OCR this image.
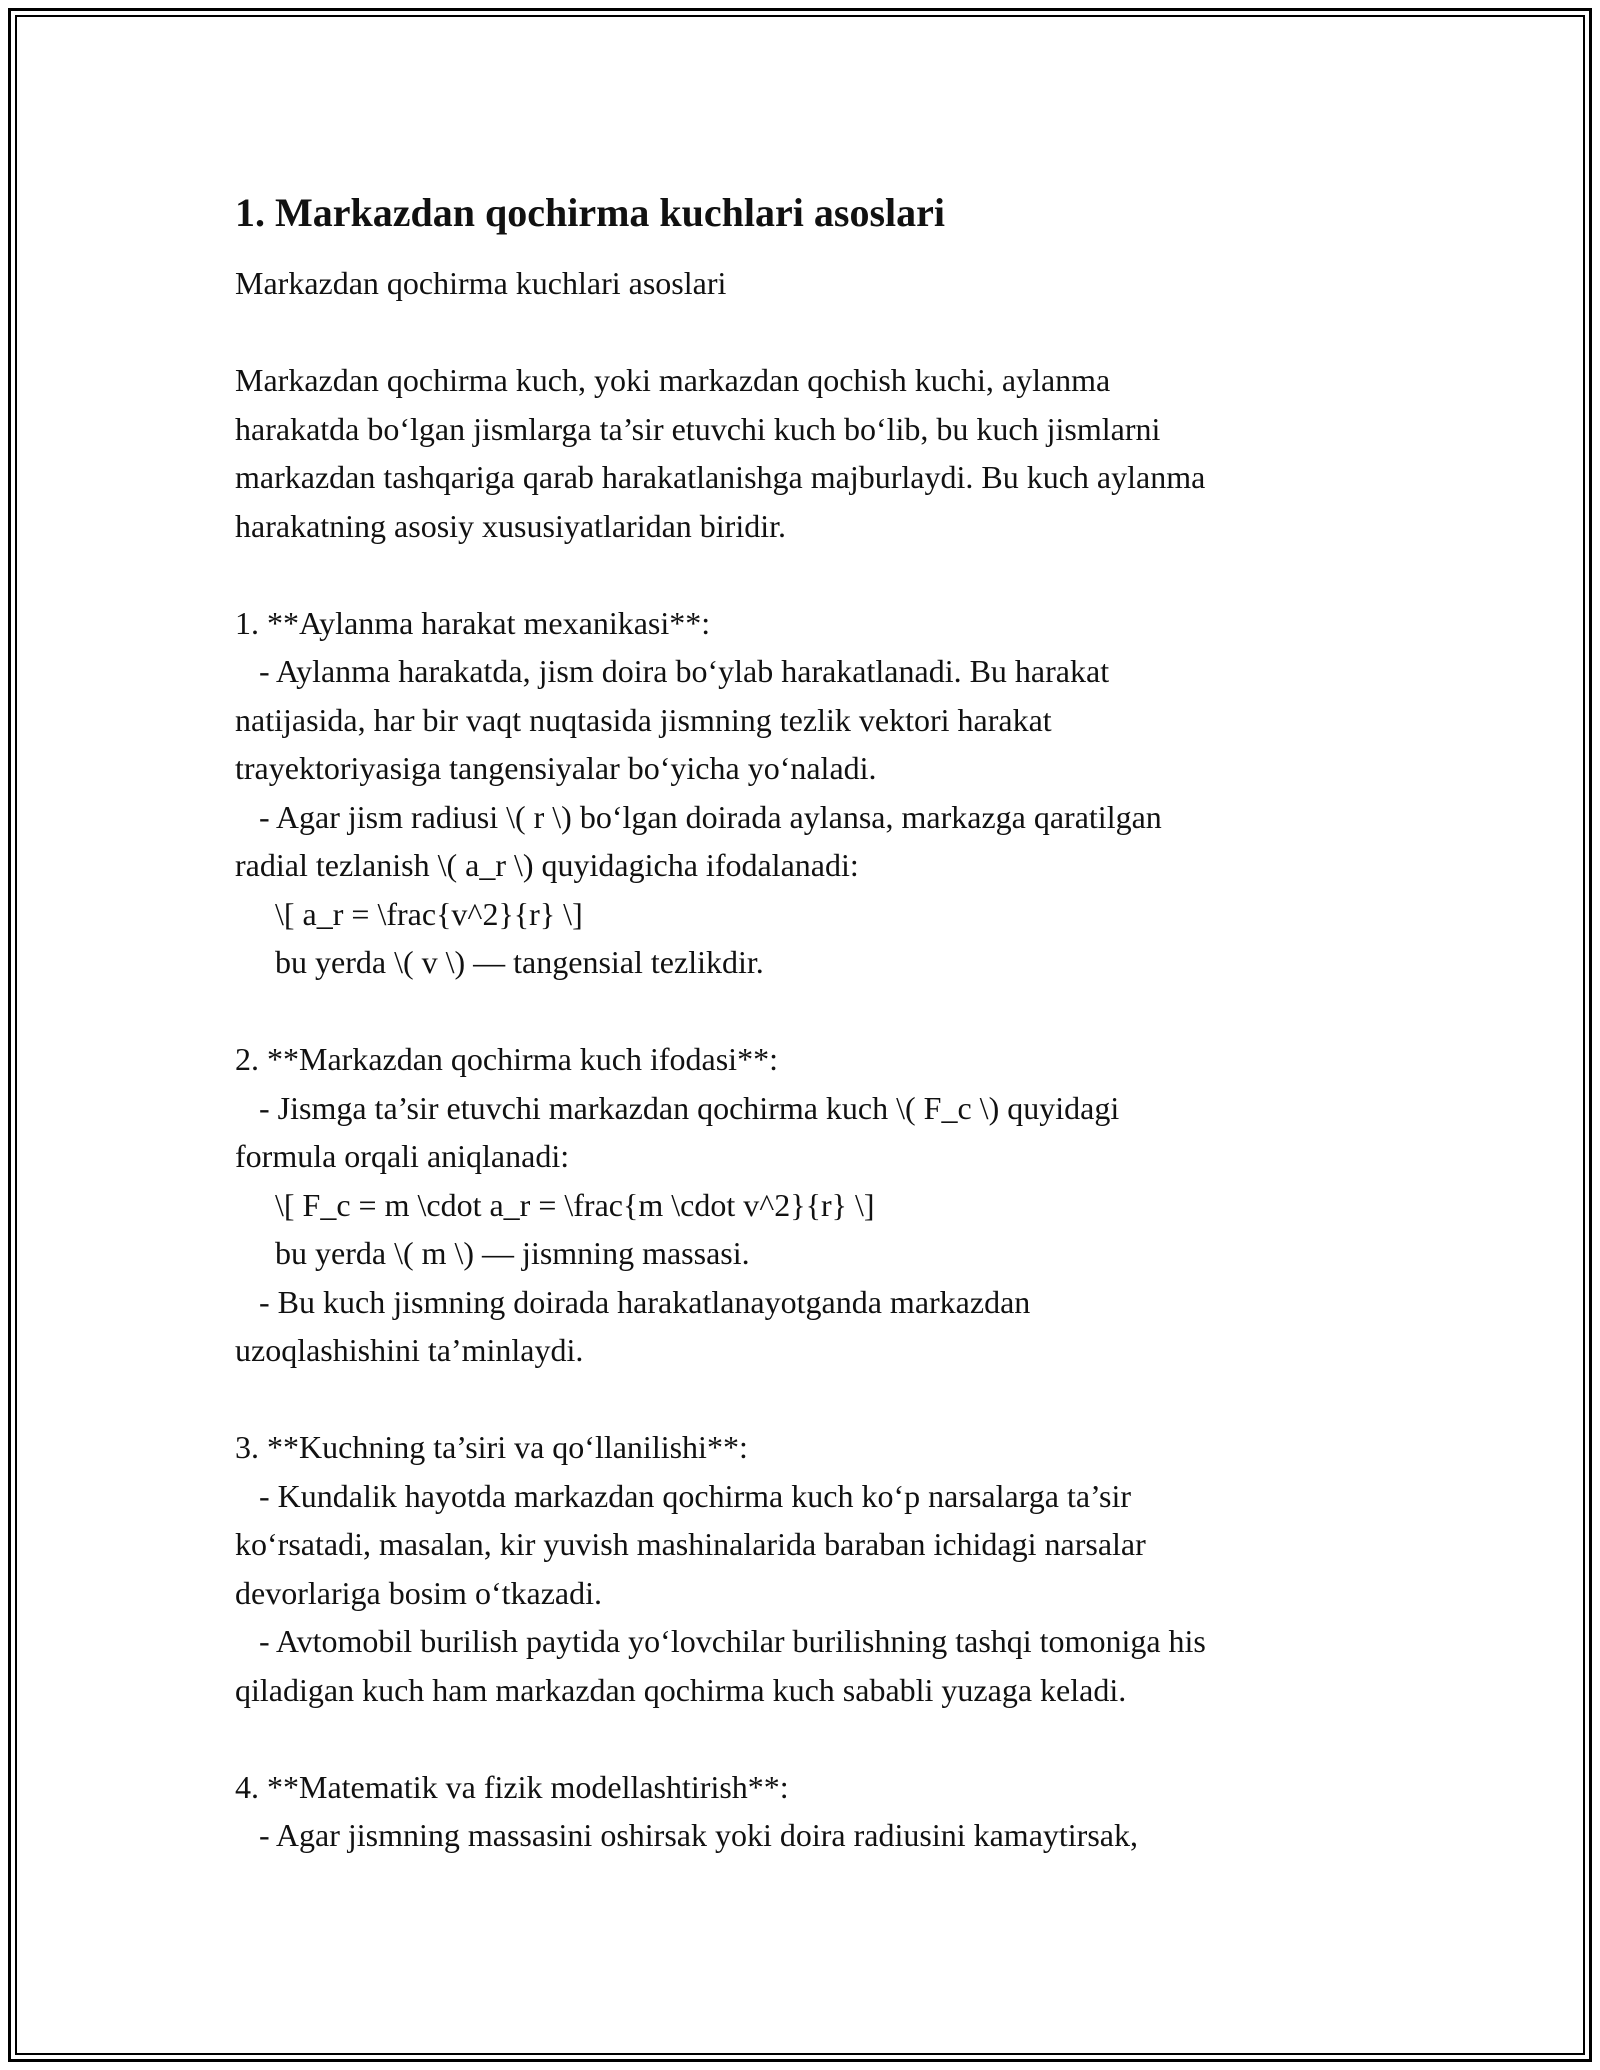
1. Markazdan qochirma kuchlari asoslari

Markazdan qochirma kuchlari asoslari

Markazdan qochirma kuch, yoki markazdan qochish kuchi, aylanma
harakatda bo‘lgan jismlarga ta’sir etuvchi kuch bo‘lib, bu kuch jismlarni
markazdan tashqariga qarab harakatlanishga majburlaydi. Bu kuch aylanma
harakatning asosiy xususiyatlaridan biridir.

1. **Aylanma harakat mexanikasi**:
- Aylanma harakatda, jism doira bo‘ylab harakatlanadi. Bu harakat
natijasida, har bir vaqt nuqtasida jismning tezlik vektori harakat
trayektoriyasiga tangensiyalar bo‘yicha yo‘naladi.
- Agar jism radiusi \( r \) bo‘lgan doirada aylansa, markazga qaratilgan
radial tezlanish \( a_r \) quyidagicha ifodalanadi:
\[ a_r = \frac{v^2}{r} \]
bu yerda \( v \) — tangensial tezlikdir.

2. **Markazdan qochirma kuch ifodasi**:
- Jismga ta’sir etuvchi markazdan qochirma kuch \( F_c \) quyidagi
formula orqali aniqlanadi:
\[ F_c = m \cdot a_r = \frac{m \cdot v^2}{r} \]
bu yerda \( m \) — jismning massasi.
- Bu kuch jismning doirada harakatlanayotganda markazdan
uzoqlashishini ta’minlaydi.

3. **Kuchning ta’siri va qo‘llanilishi**:
- Kundalik hayotda markazdan qochirma kuch ko‘p narsalarga ta’sir
ko‘rsatadi, masalan, kir yuvish mashinalarida baraban ichidagi narsalar
devorlariga bosim o‘tkazadi.
- Avtomobil burilish paytida yo‘lovchilar burilishning tashqi tomoniga his
qiladigan kuch ham markazdan qochirma kuch sababli yuzaga keladi.

4. **Matematik va fizik modellashtirish**:
- Agar jismning massasini oshirsak yoki doira radiusini kamaytirsak,
